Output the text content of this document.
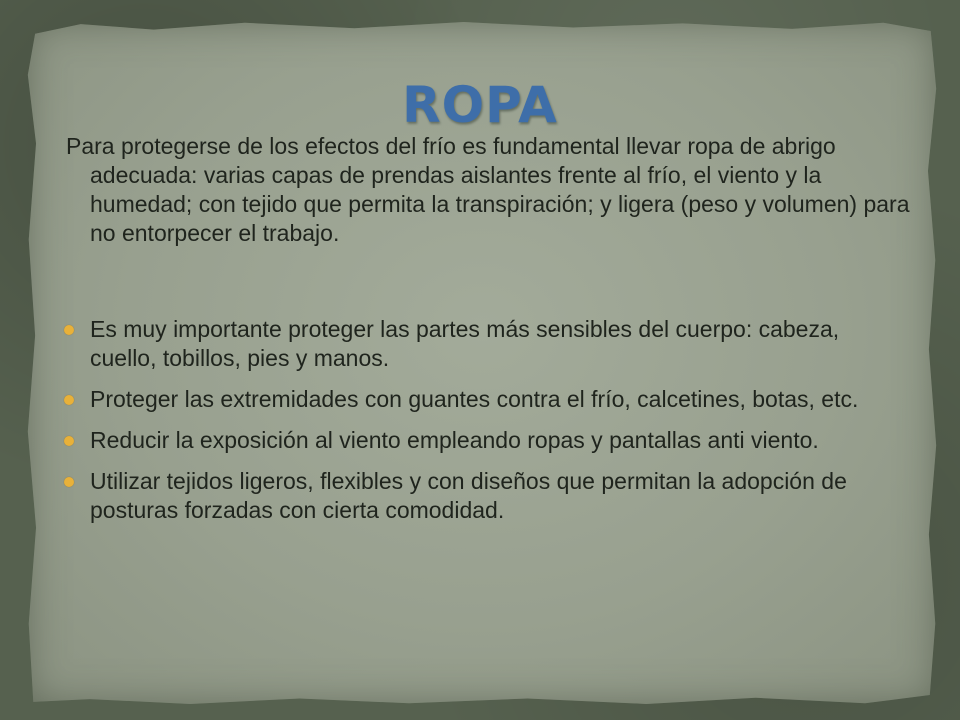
ROPA

Para protegerse de los efectos del frío es fundamental llevar ropa de abrigo adecuada: varias capas de prendas aislantes frente al frío, el viento y la humedad; con tejido que permita la transpiración; y ligera (peso y volumen) para no entorpecer el trabajo.

Es muy importante proteger las partes más sensibles del cuerpo: cabeza, cuello, tobillos, pies y manos.
Proteger las extremidades con guantes contra el frío, calcetines, botas, etc.
Reducir la exposición al viento empleando ropas y pantallas anti viento.
Utilizar tejidos ligeros, flexibles y con diseños que permitan la adopción de posturas forzadas con cierta comodidad.
